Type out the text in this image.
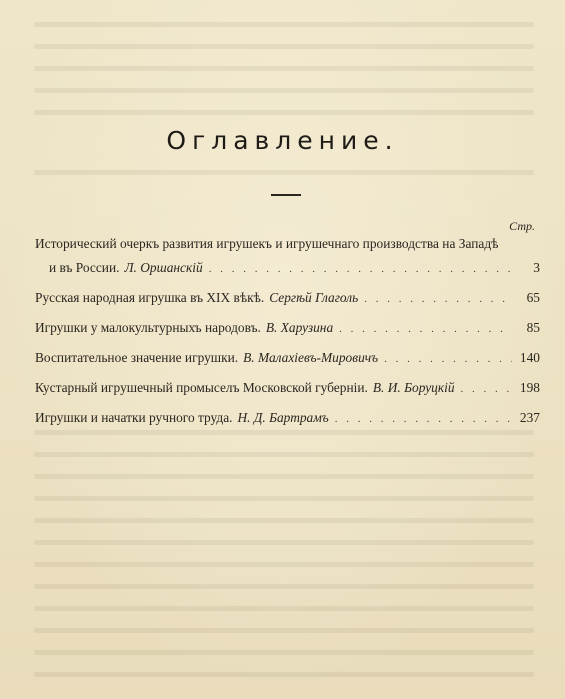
Оглавление.
Стр.
Исторический очеркъ развития игрушекъ и игрушечнаго производства на Западѣ
и въ России. Л. Оршанскій . . .	3
Русская народная игрушка въ XIX вѣкѣ. Сергѣй Глаголь . . .	65
Игрушки у малокультурныхъ народовъ. В. Харузина . . .	85
Воспитательное значение игрушки. В. Малахіевъ-Мировичъ . . .	140
Кустарный игрушечный промыселъ Московской губерніи. В. И. Боруцкій . . .	198
Игрушки и начатки ручного труда. Н. Д. Бартрамъ . . .	237
